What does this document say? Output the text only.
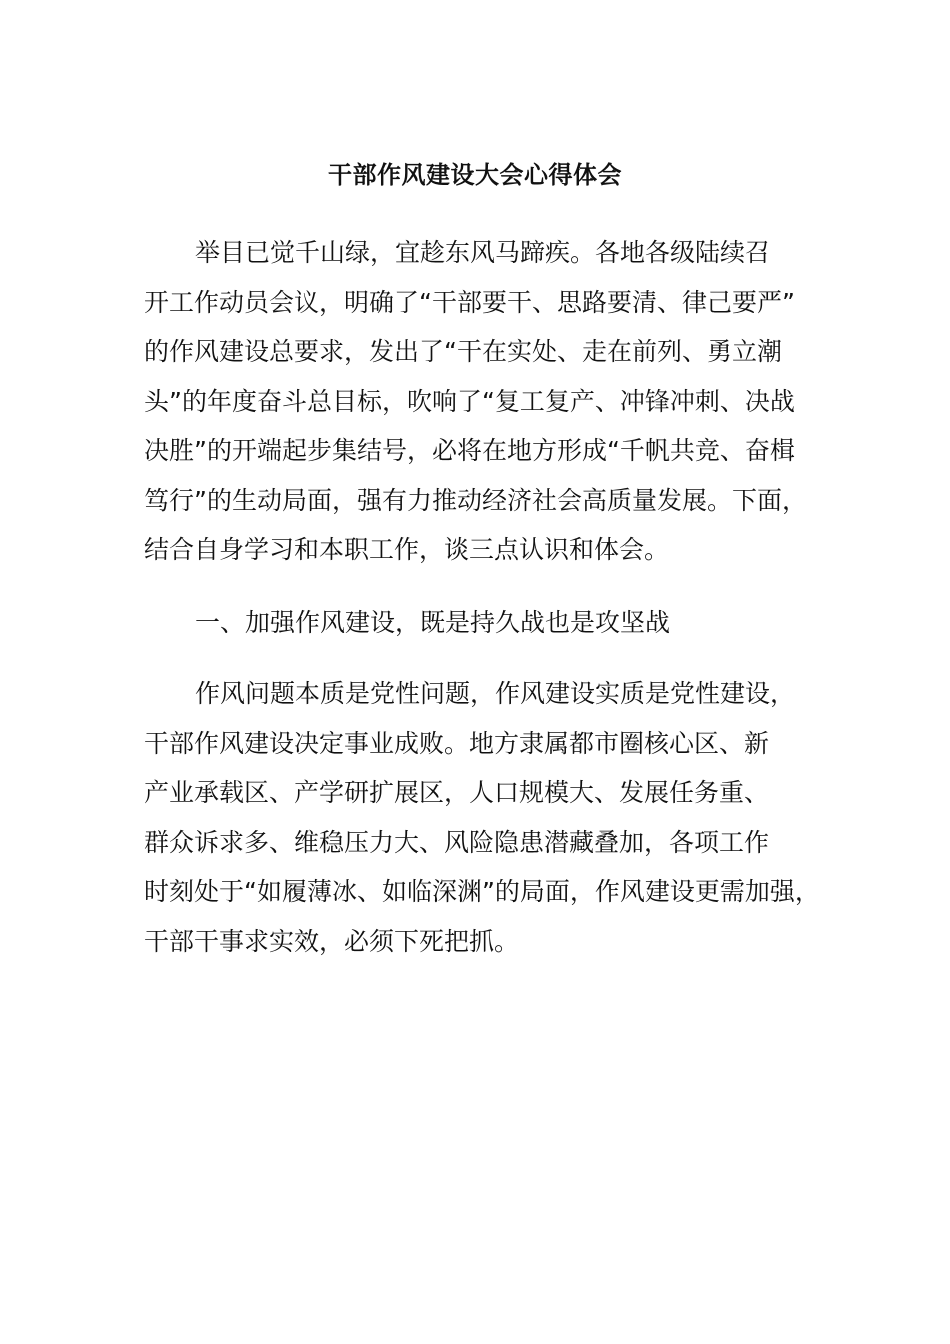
干部作风建设大会心得体会
举目已觉千山绿，宜趁东风马蹄疾。各地各级陆续召
开工作动员会议，明确了“干部要干、思路要清、律己要严”
的作风建设总要求，发出了“干在实处、走在前列、勇立潮
头”的年度奋斗总目标，吹响了“复工复产、冲锋冲刺、决战
决胜”的开端起步集结号，必将在地方形成“千帆共竞、奋楫
笃行”的生动局面，强有力推动经济社会高质量发展。下面，
结合自身学习和本职工作，谈三点认识和体会。
一、加强作风建设，既是持久战也是攻坚战
作风问题本质是党性问题，作风建设实质是党性建设，
干部作风建设决定事业成败。地方隶属都市圈核心区、新
产业承载区、产学研扩展区，人口规模大、发展任务重、
群众诉求多、维稳压力大、风险隐患潜藏叠加，各项工作
时刻处于“如履薄冰、如临深渊”的局面，作风建设更需加强，
干部干事求实效，必须下死把抓。
